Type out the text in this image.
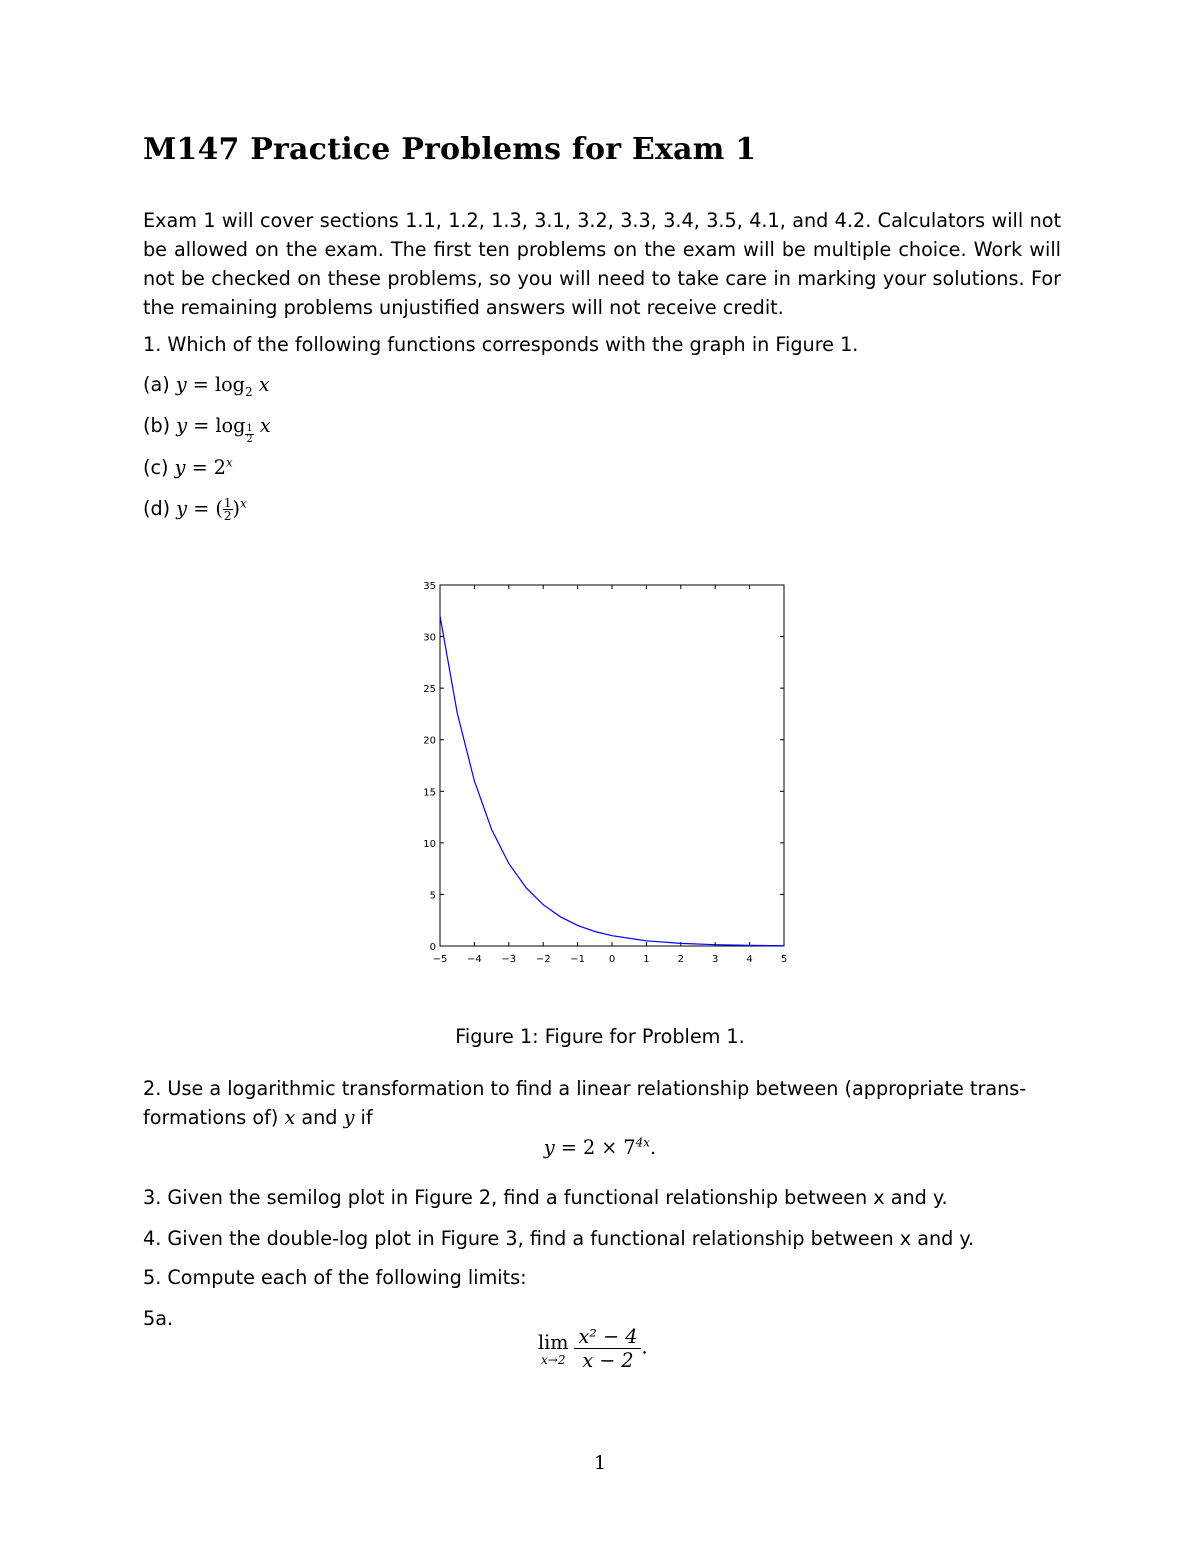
M147 Practice Problems for Exam 1
Exam 1 will cover sections 1.1, 1.2, 1.3, 3.1, 3.2, 3.3, 3.4, 3.5, 4.1, and 4.2. Calculators will not be allowed on the exam. The first ten problems on the exam will be multiple choice. Work will not be checked on these problems, so you will need to take care in marking your solutions. For the remaining problems unjustified answers will not receive credit.
1. Which of the following functions corresponds with the graph in Figure 1.
(a) $y = \log_2 x$
(b) $y = \log \frac{1}{2}$ x
(c) $y = 2^x$
(d) y = ( $\frac{1}{2} )^x$
−5 −4 −3 −2 −1 0	1	2	3	4	5
0
5
10
15
20
25
30
35
Figure 1: Figure for Problem 1.
2. Use a logarithmic transformation to find a linear relationship between (appropriate trans-
formations of) x and y if
$y = 2 \times 7^{4x}$.
3. Given the semilog plot in Figure 2, find a functional relationship between x and y.
4. Given the double-log plot in Figure 3, find a functional relationship between x and y.
5. Compute each of the following limits:
5a.
lim
$x\to 2 \frac{\text{x² − 4}}{x - 2}$ .
1
